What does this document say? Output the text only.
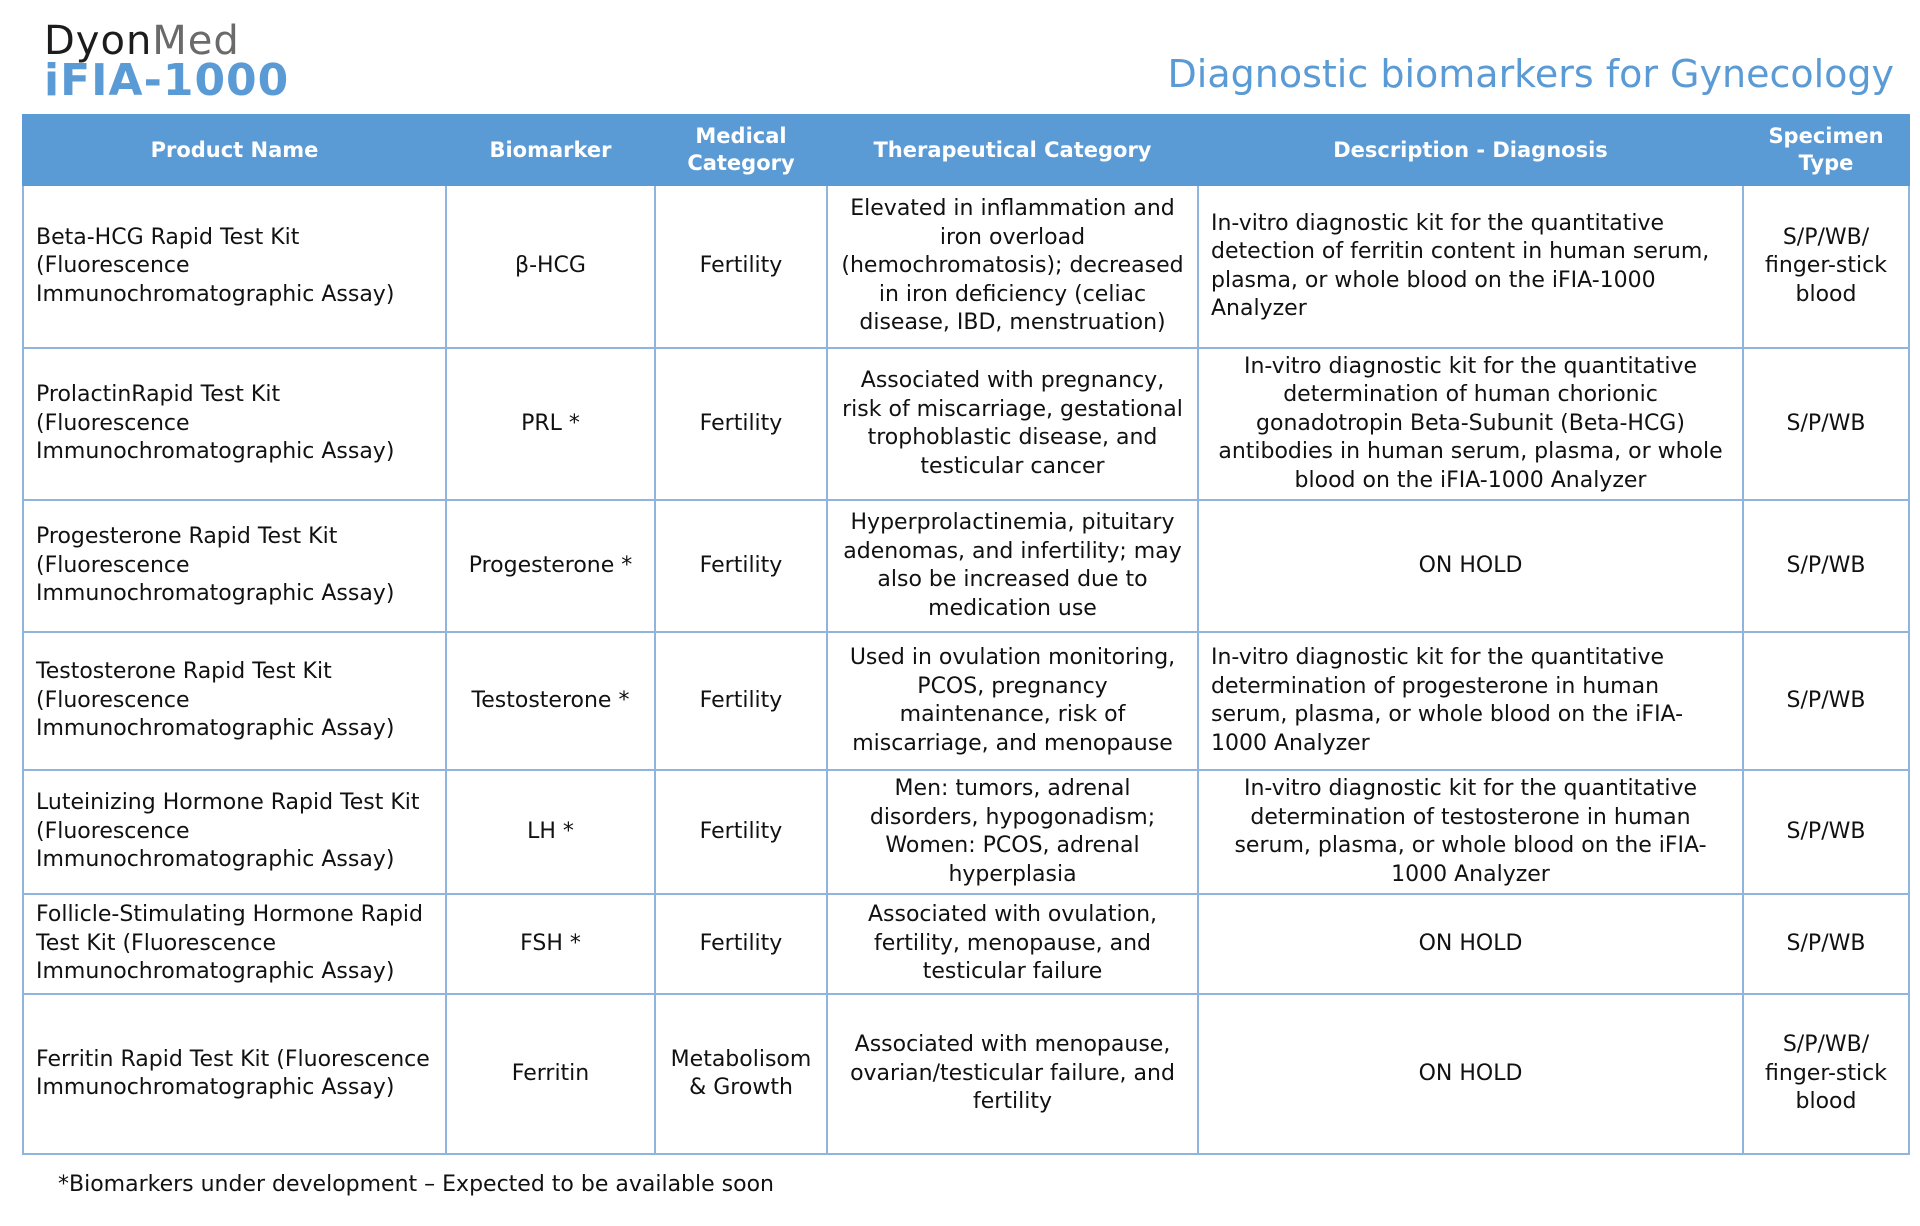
DyonMed
iFIA-1000	Diagnostic biomarkers for Gynecology
Product Name	Biomarker	Medical Category	Therapeutical Category	Description - Diagnosis	Specimen Type
Beta-HCG Rapid Test Kit (Fluorescence Immunochromatographic Assay)	β-HCG	Fertility	Elevated in inflammation and iron overload (hemochromatosis); decreased in iron deficiency (celiac disease, IBD, menstruation)	In-vitro diagnostic kit for the quantitative detection of ferritin content in human serum, plasma, or whole blood on the iFIA-1000 Analyzer	S/P/WB/ finger-stick blood
ProlactinRapid Test Kit (Fluorescence Immunochromatographic Assay)	PRL *	Fertility	Associated with pregnancy, risk of miscarriage, gestational trophoblastic disease, and testicular cancer	In-vitro diagnostic kit for the quantitative determination of human chorionic gonadotropin Beta-Subunit (Beta-HCG) antibodies in human serum, plasma, or whole blood on the iFIA-1000 Analyzer	S/P/WB
Progesterone Rapid Test Kit (Fluorescence Immunochromatographic Assay)	Progesterone *	Fertility	Hyperprolactinemia, pituitary adenomas, and infertility; may also be increased due to medication use	ON HOLD	S/P/WB
Testosterone Rapid Test Kit (Fluorescence Immunochromatographic Assay)	Testosterone *	Fertility	Used in ovulation monitoring, PCOS, pregnancy maintenance, risk of miscarriage, and menopause	In-vitro diagnostic kit for the quantitative determination of progesterone in human serum, plasma, or whole blood on the iFIA-1000 Analyzer	S/P/WB
Luteinizing Hormone Rapid Test Kit (Fluorescence Immunochromatographic Assay)	LH *	Fertility	Men: tumors, adrenal disorders, hypogonadism; Women: PCOS, adrenal hyperplasia	In-vitro diagnostic kit for the quantitative determination of testosterone in human serum, plasma, or whole blood on the iFIA-1000 Analyzer	S/P/WB
Follicle-Stimulating Hormone Rapid Test Kit (Fluorescence Immunochromatographic Assay)	FSH *	Fertility	Associated with ovulation, fertility, menopause, and testicular failure	ON HOLD	S/P/WB
Ferritin Rapid Test Kit (Fluorescence Immunochromatographic Assay)	Ferritin	Metabolisom & Growth	Associated with menopause, ovarian/testicular failure, and fertility	ON HOLD	S/P/WB/ finger-stick blood
*Biomarkers under development – Expected to be available soon
